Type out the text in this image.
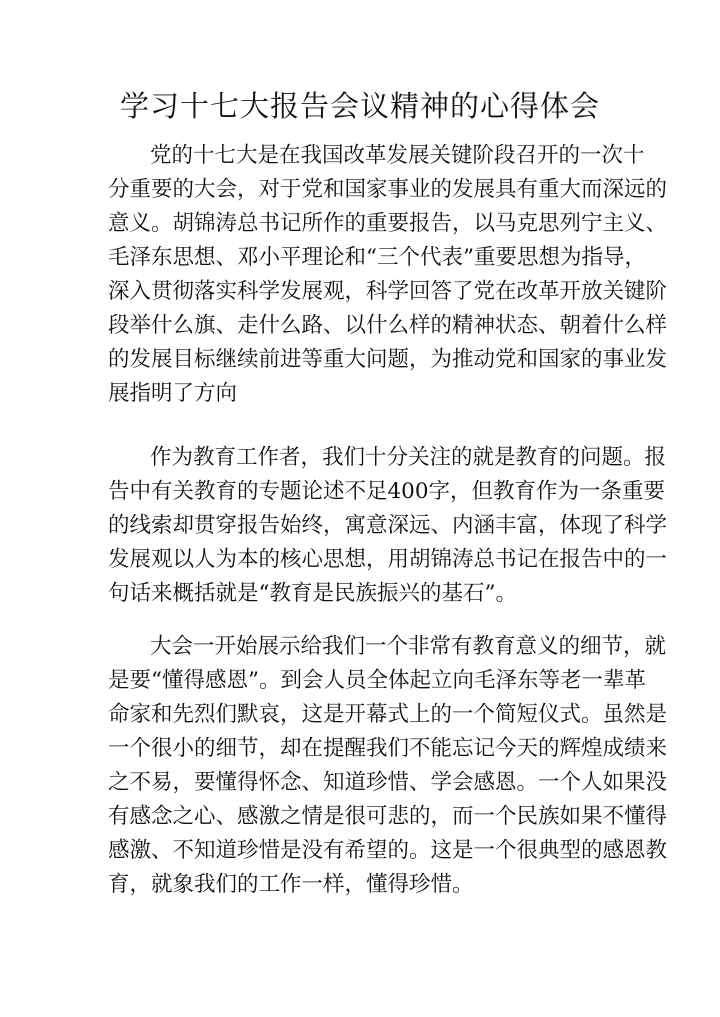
学习十七大报告会议精神的心得体会
党的十七大是在我国改革发展关键阶段召开的一次十
分重要的大会，对于党和国家事业的发展具有重大而深远的
意义。胡锦涛总书记所作的重要报告，以马克思列宁主义、
毛泽东思想、邓小平理论和“三个代表”重要思想为指导，
深入贯彻落实科学发展观，科学回答了党在改革开放关键阶
段举什么旗、走什么路、以什么样的精神状态、朝着什么样
的发展目标继续前进等重大问题，为推动党和国家的事业发
展指明了方向
作为教育工作者，我们十分关注的就是教育的问题。报
告中有关教育的专题论述不足400字，但教育作为一条重要
的线索却贯穿报告始终，寓意深远、内涵丰富，体现了科学
发展观以人为本的核心思想，用胡锦涛总书记在报告中的一
句话来概括就是“教育是民族振兴的基石”。
大会一开始展示给我们一个非常有教育意义的细节，就
是要“懂得感恩”。到会人员全体起立向毛泽东等老一辈革
命家和先烈们默哀，这是开幕式上的一个简短仪式。虽然是
一个很小的细节，却在提醒我们不能忘记今天的辉煌成绩来
之不易，要懂得怀念、知道珍惜、学会感恩。一个人如果没
有感念之心、感激之情是很可悲的，而一个民族如果不懂得
感激、不知道珍惜是没有希望的。这是一个很典型的感恩教
育，就象我们的工作一样，懂得珍惜。
